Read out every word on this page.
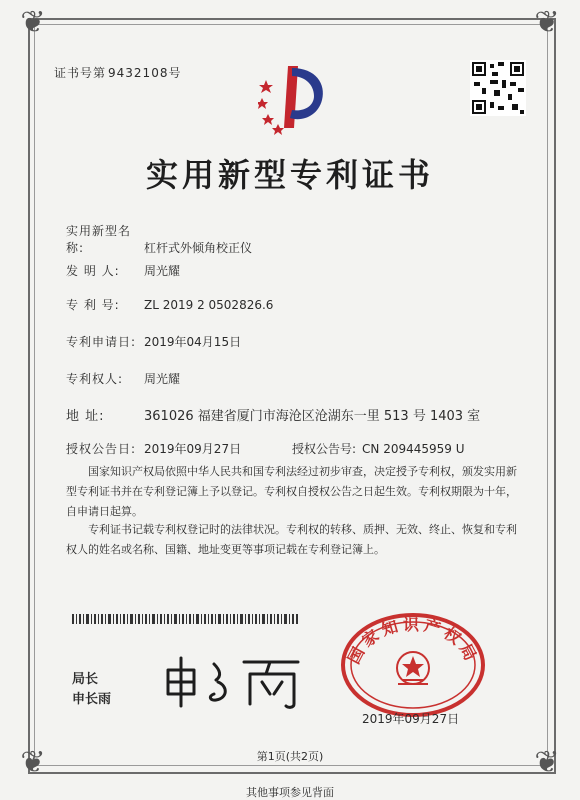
❦	❦
❦	❦
证书号第 9432108号
实用新型专利证书
实用新型名称:	杠杆式外倾角校正仪
发 明 人: 周光耀
专 利 号: ZL 2019 2 0502826.6
专利申请日: 2019年04月15日
专利权人: 周光耀
地 址:	361026 福建省厦门市海沧区沧湖东一里 513 号 1403 室
授权公告日: 2019年09月27日	授权公告号: CN 209445959 U
国家知识产权局依照中华人民共和国专利法经过初步审查，决定授予专利权，颁发实用新型专利证书并在专利登记簿上予以登记。专利权自授权公告之日起生效。专利权期限为十年，自申请日起算。
专利证书记载专利权登记时的法律状况。专利权的转移、质押、无效、终止、恢复和专利权人的姓名或名称、国籍、地址变更等事项记载在专利登记簿上。
局长
申长雨
国家知识产权局
2019年09月27日
第1页(共2页)
其他事项参见背面
